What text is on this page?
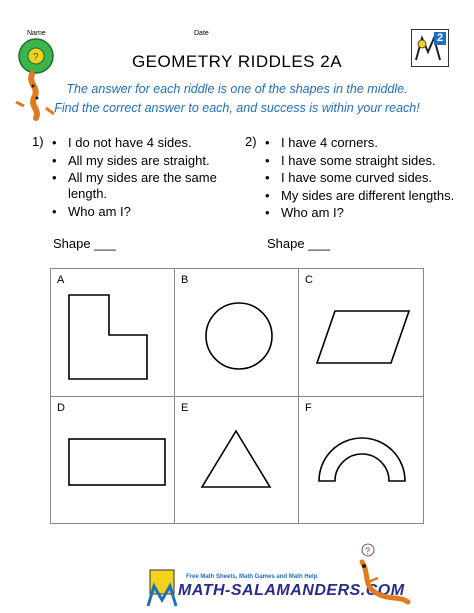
Name	Date
?	GEOMETRY RIDDLES 2A
2
The answer for each riddle is one of the shapes in the middle.
Find the correct answer to each, and success is within your reach!
1)	• I do not have 4 sides.
• All my sides are straight.
• All my sides are the same
length.
• Who am I?
Shape ___
2)	• I have 4 corners.
• I have some straight sides.
• I have some curved sides.
• My sides are different lengths.
• Who am I?
Shape ___
A	B	C
D	E	F
Free Math Sheets, Math Games and Math Help
MATH-SALAMANDERS.COM
?
